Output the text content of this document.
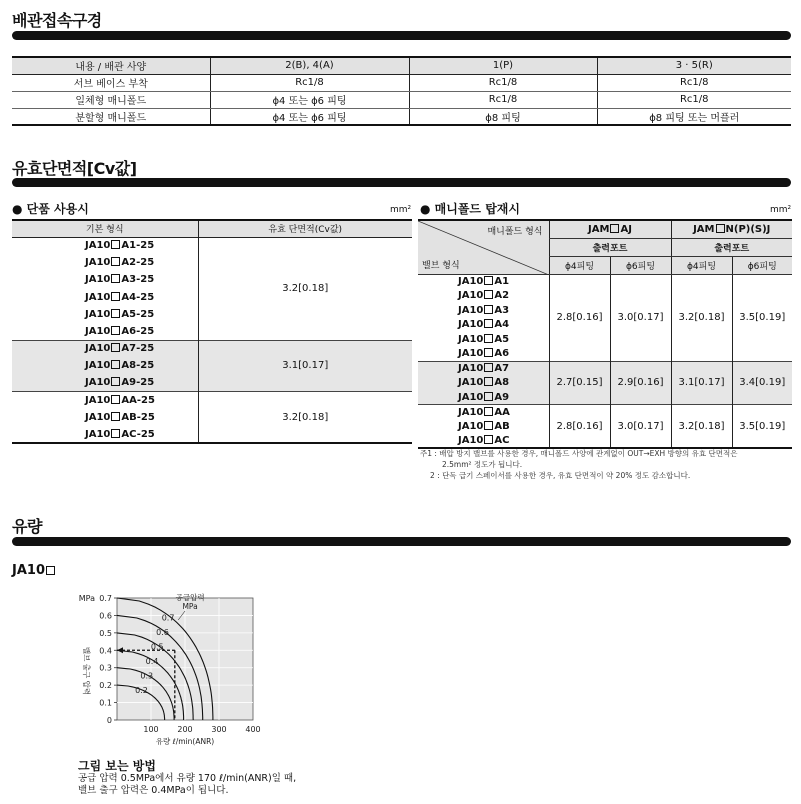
배관접속구경
내용 / 배관 사양	2(B), 4(A)	1(P)	3 · 5(R)
서브 베이스 부착	Rc1/8	Rc1/8	Rc1/8
일체형 매니폴드	ϕ4 또는 ϕ6 피팅	Rc1/8	Rc1/8
분할형 매니폴드	ϕ4 또는 ϕ6 피팅	ϕ8 피팅	ϕ8 피팅 또는 머플러
유효단면적[Cv값]
● 단품 사용시	mm²
기본 형식	유효 단면적(Cv값)
JA10 A1-25	3.2[0.18]
JA10 A2-25	
JA10 A3-25	
JA10 A4-25	
JA10 A5-25	
JA10 A6-25	
JA10 A7-25	3.1[0.17]
JA10 A8-25	
JA10 A9-25	
JA10 AA-25	3.2[0.18]
JA10 AB-25	
JA10 AC-25	
● 매니폴드 탑재시	mm²
매니폴드 형식
밸브 형식	JAM AJ		JAM N(P)(S)J	
	출력포트		출력포트	
	ϕ4피팅	ϕ6피팅	ϕ4피팅	ϕ6피팅
JA10 A1	2.8[0.16]	3.0[0.17]	3.2[0.18]	3.5[0.19]
JA10 A2				
JA10 A3				
JA10 A4				
JA10 A5				
JA10 A6				
JA10 A7	2.7[0.15]	2.9[0.16]	3.1[0.17]	3.4[0.19]
JA10 A8				
JA10 A9				
JA10 AA	2.8[0.16]	3.0[0.17]	3.2[0.18]	3.5[0.19]
JA10 AB				
JA10 AC				
주1 : 배압 방지 밸브를 사용한 경우, 매니폴드 사양에 관계없이 OUT→EXH 방향의 유효 단면적은
2.5mm² 정도가 됩니다.
2 : 단독 급기 스페이서를 사용한 경우, 유효 단면적이 약 20% 정도 감소합니다.
유량
JA10
0.2
0.3
0.4
0.5
0.6
0.7
0
0.1
0.2
0.3
0.4
0.5
0.6
0.7
MPa
밸브 출구 압력
100 200 300 400
유량 ℓ/min(ANR)
공급압력
MPa
그림 보는 방법
공급 압력 0.5MPa에서 유량 170 ℓ/min(ANR)일 때,
밸브 출구 압력은 0.4MPa이 됩니다.
